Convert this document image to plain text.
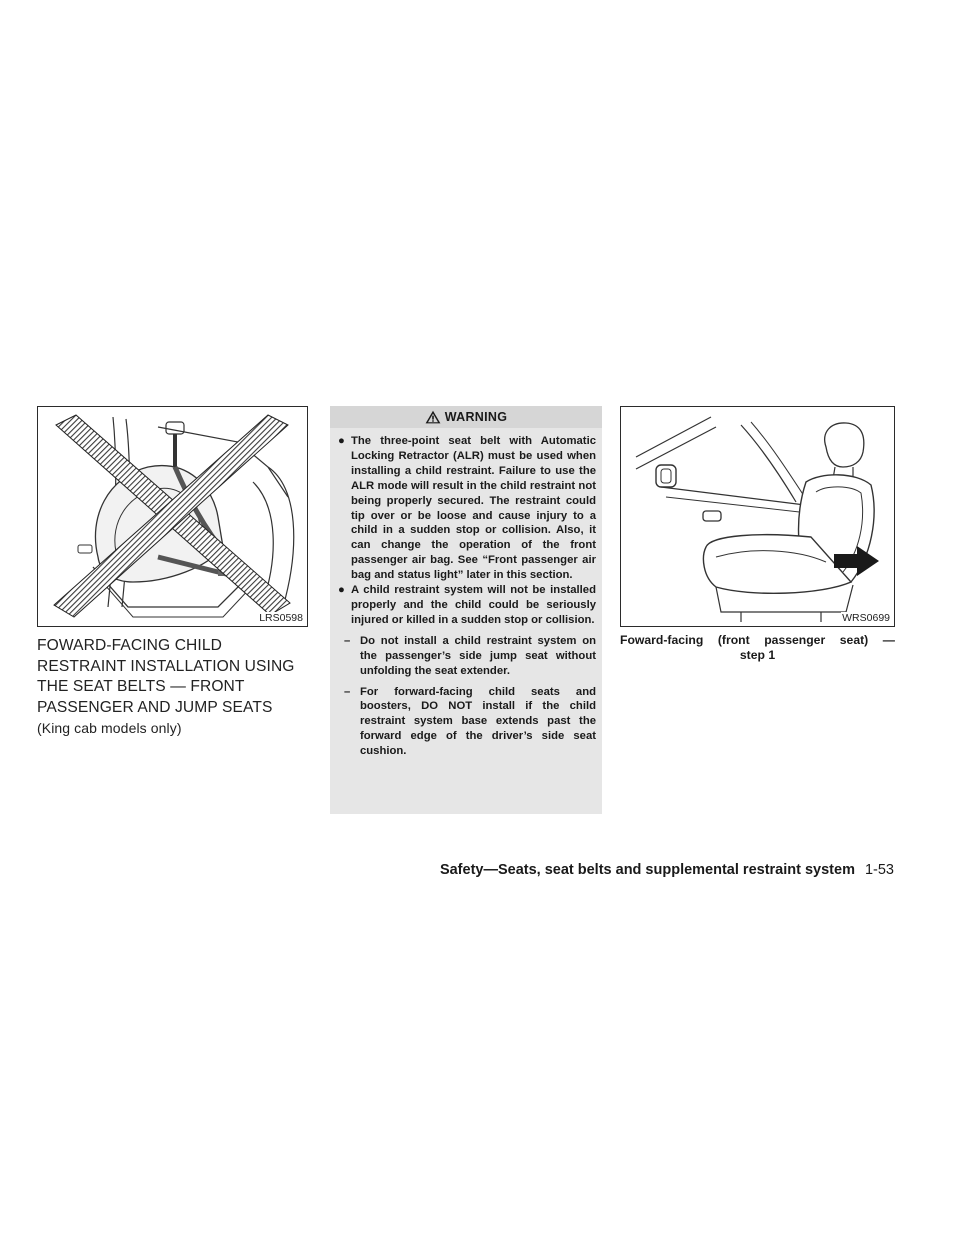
LRS0598
FOWARD-FACING CHILD
RESTRAINT INSTALLATION USING
THE SEAT BELTS — FRONT
PASSENGER AND JUMP SEATS
(King cab models only)
WARNING
● The three-point seat belt with Automatic Locking Retractor (ALR) must be used when installing a child restraint. Failure to use the ALR mode will result in the child restraint not being properly secured. The restraint could tip over or be loose and cause injury to a child in a sudden stop or collision. Also, it can change the operation of the front passenger air bag. See “Front passenger air bag and status light” later in this section.
● A child restraint system will not be installed properly and the child could be seriously injured or killed in a sudden stop or collision.
– Do not install a child restraint system on the passenger’s side jump seat without unfolding the seat extender.
– For forward-facing child seats and boosters, DO NOT install if the child restraint system base extends past the forward edge of the driver’s side seat cushion.
WRS0699
Foward-facing (front passenger seat) —
step 1
Safety—Seats, seat belts and supplemental restraint system 1-53
